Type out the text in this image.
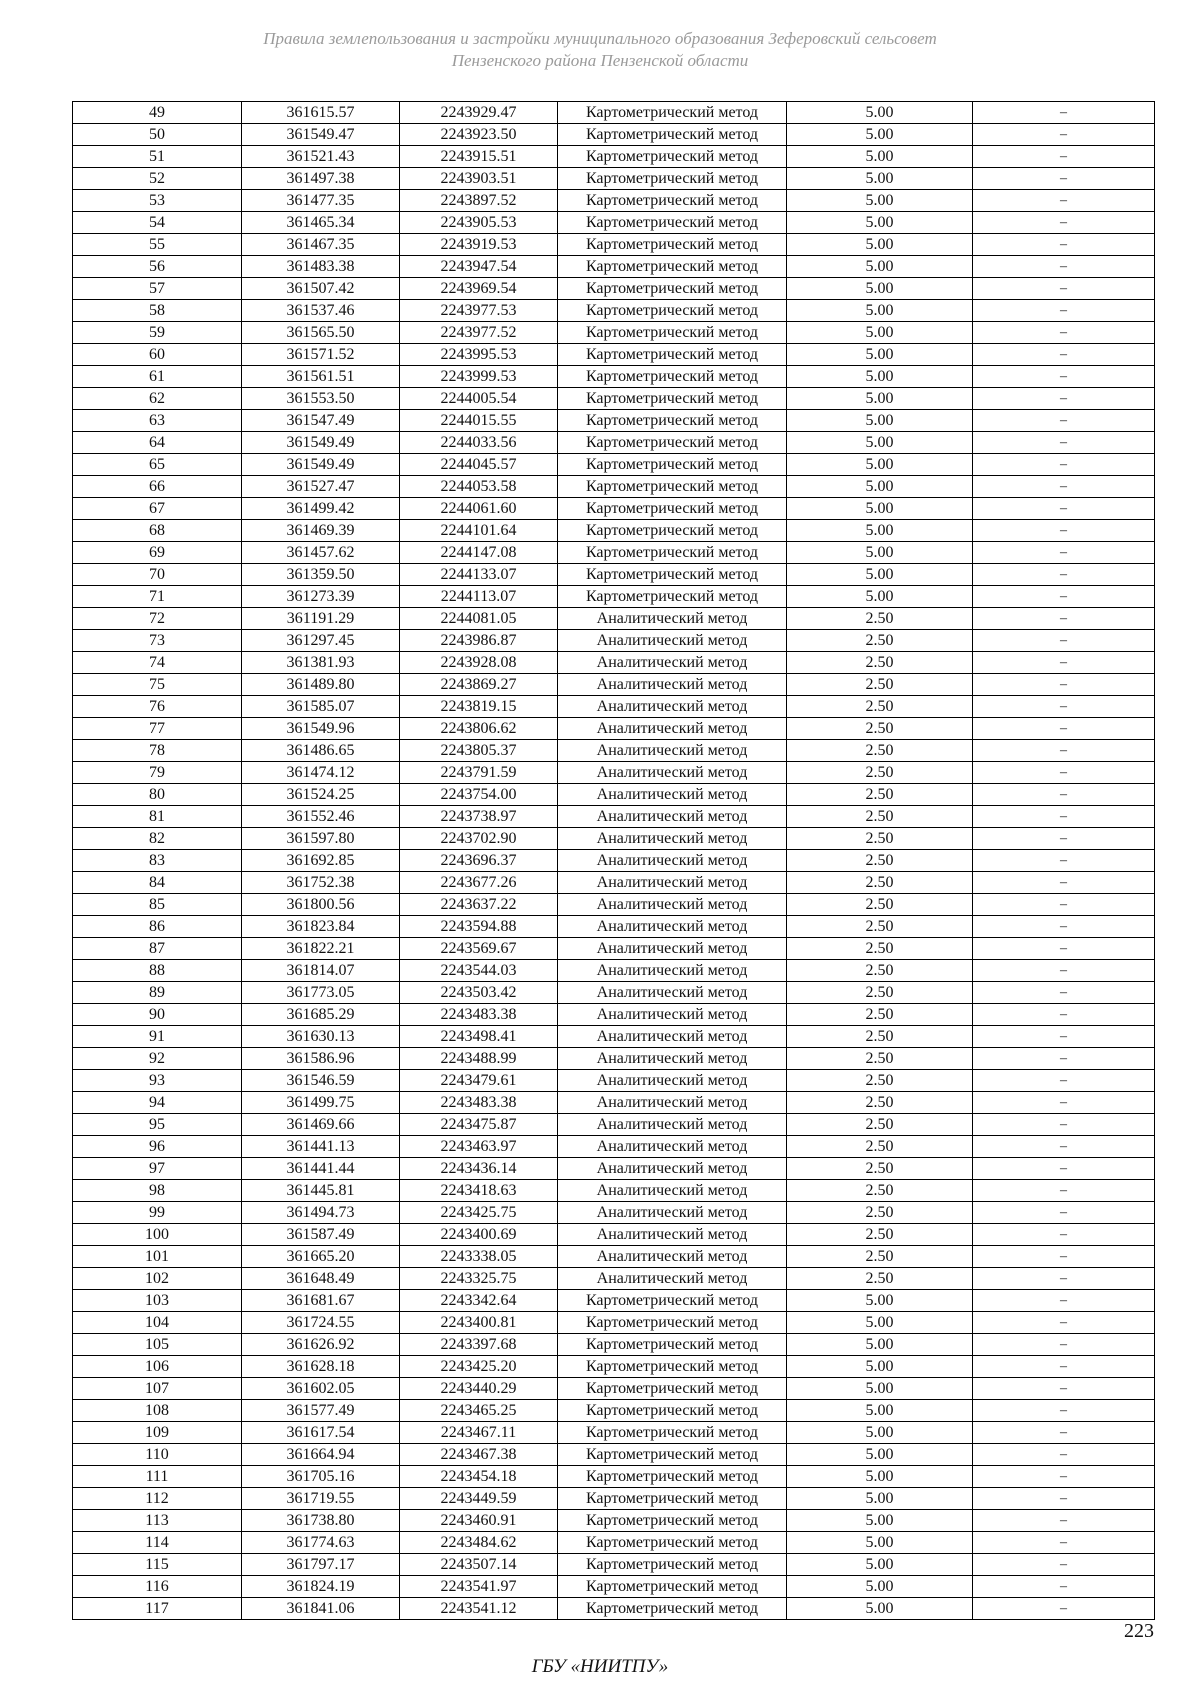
Правила землепользования и застройки муниципального образования Зеферовский сельсовет
Пензенского района Пензенской области
49	361615.57	2243929.47	Картометрический метод	5.00	–
50	361549.47	2243923.50	Картометрический метод	5.00	–
51	361521.43	2243915.51	Картометрический метод	5.00	–
52	361497.38	2243903.51	Картометрический метод	5.00	–
53	361477.35	2243897.52	Картометрический метод	5.00	–
54	361465.34	2243905.53	Картометрический метод	5.00	–
55	361467.35	2243919.53	Картометрический метод	5.00	–
56	361483.38	2243947.54	Картометрический метод	5.00	–
57	361507.42	2243969.54	Картометрический метод	5.00	–
58	361537.46	2243977.53	Картометрический метод	5.00	–
59	361565.50	2243977.52	Картометрический метод	5.00	–
60	361571.52	2243995.53	Картометрический метод	5.00	–
61	361561.51	2243999.53	Картометрический метод	5.00	–
62	361553.50	2244005.54	Картометрический метод	5.00	–
63	361547.49	2244015.55	Картометрический метод	5.00	–
64	361549.49	2244033.56	Картометрический метод	5.00	–
65	361549.49	2244045.57	Картометрический метод	5.00	–
66	361527.47	2244053.58	Картометрический метод	5.00	–
67	361499.42	2244061.60	Картометрический метод	5.00	–
68	361469.39	2244101.64	Картометрический метод	5.00	–
69	361457.62	2244147.08	Картометрический метод	5.00	–
70	361359.50	2244133.07	Картометрический метод	5.00	–
71	361273.39	2244113.07	Картометрический метод	5.00	–
72	361191.29	2244081.05	Аналитический метод	2.50	–
73	361297.45	2243986.87	Аналитический метод	2.50	–
74	361381.93	2243928.08	Аналитический метод	2.50	–
75	361489.80	2243869.27	Аналитический метод	2.50	–
76	361585.07	2243819.15	Аналитический метод	2.50	–
77	361549.96	2243806.62	Аналитический метод	2.50	–
78	361486.65	2243805.37	Аналитический метод	2.50	–
79	361474.12	2243791.59	Аналитический метод	2.50	–
80	361524.25	2243754.00	Аналитический метод	2.50	–
81	361552.46	2243738.97	Аналитический метод	2.50	–
82	361597.80	2243702.90	Аналитический метод	2.50	–
83	361692.85	2243696.37	Аналитический метод	2.50	–
84	361752.38	2243677.26	Аналитический метод	2.50	–
85	361800.56	2243637.22	Аналитический метод	2.50	–
86	361823.84	2243594.88	Аналитический метод	2.50	–
87	361822.21	2243569.67	Аналитический метод	2.50	–
88	361814.07	2243544.03	Аналитический метод	2.50	–
89	361773.05	2243503.42	Аналитический метод	2.50	–
90	361685.29	2243483.38	Аналитический метод	2.50	–
91	361630.13	2243498.41	Аналитический метод	2.50	–
92	361586.96	2243488.99	Аналитический метод	2.50	–
93	361546.59	2243479.61	Аналитический метод	2.50	–
94	361499.75	2243483.38	Аналитический метод	2.50	–
95	361469.66	2243475.87	Аналитический метод	2.50	–
96	361441.13	2243463.97	Аналитический метод	2.50	–
97	361441.44	2243436.14	Аналитический метод	2.50	–
98	361445.81	2243418.63	Аналитический метод	2.50	–
99	361494.73	2243425.75	Аналитический метод	2.50	–
100	361587.49	2243400.69	Аналитический метод	2.50	–
101	361665.20	2243338.05	Аналитический метод	2.50	–
102	361648.49	2243325.75	Аналитический метод	2.50	–
103	361681.67	2243342.64	Картометрический метод	5.00	–
104	361724.55	2243400.81	Картометрический метод	5.00	–
105	361626.92	2243397.68	Картометрический метод	5.00	–
106	361628.18	2243425.20	Картометрический метод	5.00	–
107	361602.05	2243440.29	Картометрический метод	5.00	–
108	361577.49	2243465.25	Картометрический метод	5.00	–
109	361617.54	2243467.11	Картометрический метод	5.00	–
110	361664.94	2243467.38	Картометрический метод	5.00	–
111	361705.16	2243454.18	Картометрический метод	5.00	–
112	361719.55	2243449.59	Картометрический метод	5.00	–
113	361738.80	2243460.91	Картометрический метод	5.00	–
114	361774.63	2243484.62	Картометрический метод	5.00	–
115	361797.17	2243507.14	Картометрический метод	5.00	–
116	361824.19	2243541.97	Картометрический метод	5.00	–
117	361841.06	2243541.12	Картометрический метод	5.00	–
223
ГБУ «НИИТПУ»
